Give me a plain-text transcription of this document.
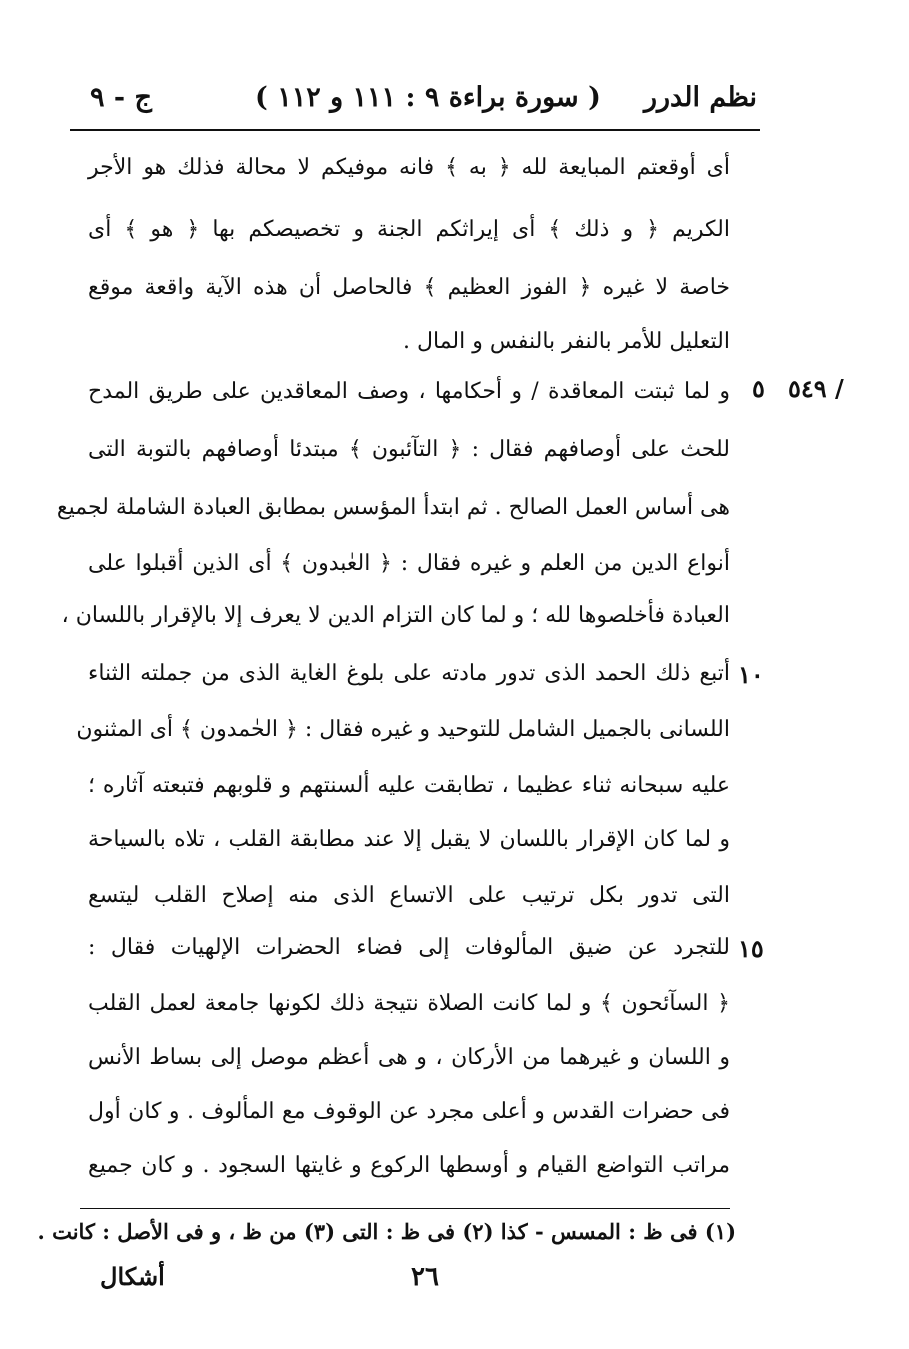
ج - ٩	( سورة براءة ٩ : ١١١ و ١١٢ ) نظم الدرر
أى أوقعتم المبايعة لله ﴿ به ﴾ فانه موفيكم لا محالة فذلك هو الأجر
الكريم ﴿ و ذلك ﴾ أى إيراثكم الجنة و تخصيصكم بها ﴿ هو ﴾ أى
خاصة لا غيره ﴿ الفوز العظيم ﴾ فالحاصل أن هذه الآية واقعة موقع
التعليل للأمر بالنفر بالنفس و المال .
و لما ثبتت المعاقدة / و أحكامها ، وصف المعاقدين على طريق المدح
للحث على أوصافهم فقال : ﴿ التآئبون ﴾ مبتدئا أوصافهم بالتوبة التى
هى أساس العمل الصالح . ثم ابتدأ المؤسس بمطابق العبادة الشاملة لجميع
أنواع الدين من العلم و غيره فقال : ﴿ العٰبدون ﴾ أى الذين أقبلوا على
العبادة فأخلصوها لله ؛ و لما كان التزام الدين لا يعرف إلا بالإقرار باللسان ،
أتبع ذلك الحمد الذى تدور مادته على بلوغ الغاية الذى من جملته الثناء
اللسانى بالجميل الشامل للتوحيد و غيره فقال : ﴿ الحٰمدون ﴾ أى المثنون
عليه سبحانه ثناء عظيما ، تطابقت عليه ألسنتهم و قلوبهم فتبعته آثاره ؛
و لما كان الإقرار باللسان لا يقبل إلا عند مطابقة القلب ، تلاه بالسياحة
التى تدور بكل ترتيب على الاتساع الذى منه إصلاح القلب ليتسع
للتجرد عن ضيق المألوفات إلى فضاء الحضرات الإلهيات فقال :
﴿ السآئحون ﴾ و لما كانت الصلاة نتيجة ذلك لكونها جامعة لعمل القلب
و اللسان و غيرهما من الأركان ، و هى أعظم موصل إلى بساط الأنس
فى حضرات القدس و أعلى مجرد عن الوقوف مع المألوف . و كان أول
مراتب التواضع القيام و أوسطها الركوع و غايتها السجود . و كان جميع
٥٤٩ /
٥
١٠
١٥
(١) فى ظ : المسس - كذا (٢) فى ظ : التى (٣) من ظ ، و فى الأصل : كانت .
٢٦
أشكال
